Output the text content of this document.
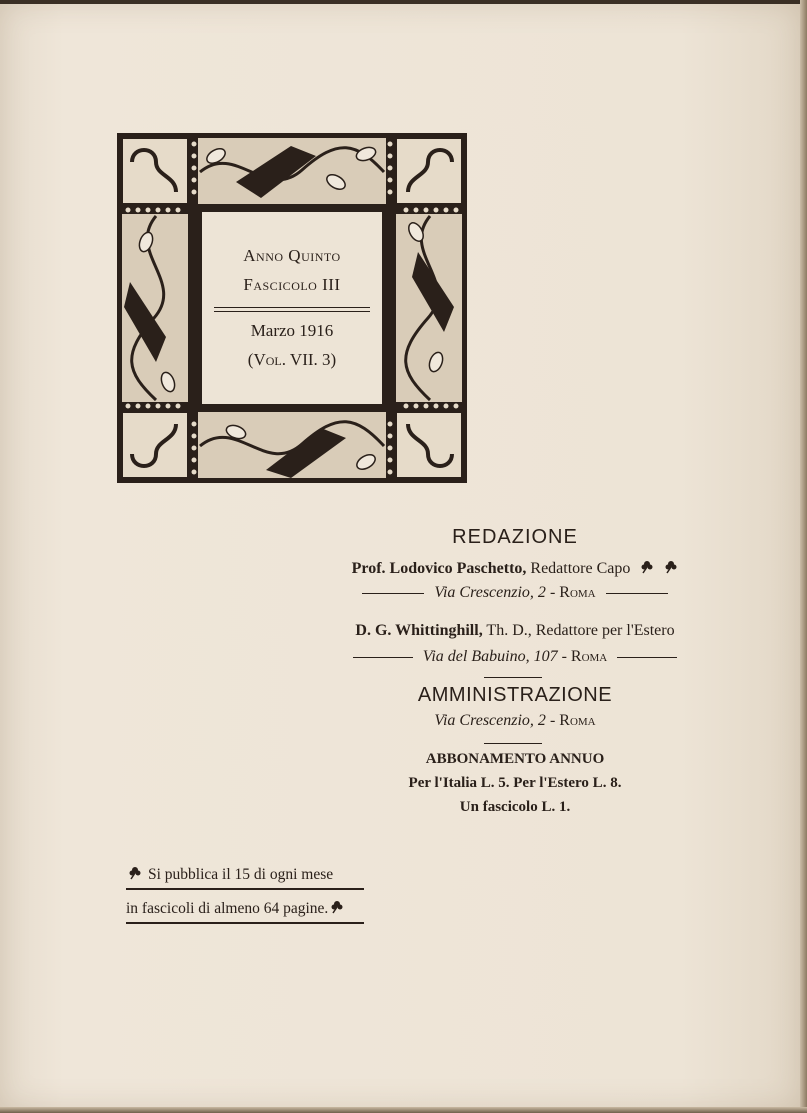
Anno Quinto
Fascicolo III
Marzo 1916
(Vol. VII. 3)
REDAZIONE
Prof. Lodovico Paschetto, Redattore Capo

Via Crescenzio, 2 - Roma
D. G. Whittinghill, Th. D., Redattore per l'Estero
Via del Babuino, 107 - Roma
AMMINISTRAZIONE
Via Crescenzio, 2 - Roma
ABBONAMENTO ANNUO
Per l'Italia L. 5. Per l'Estero L. 8.
Un fascicolo L. 1.
Si pubblica il 15 di ogni mese
in fascicoli di almeno 64 pagine.
